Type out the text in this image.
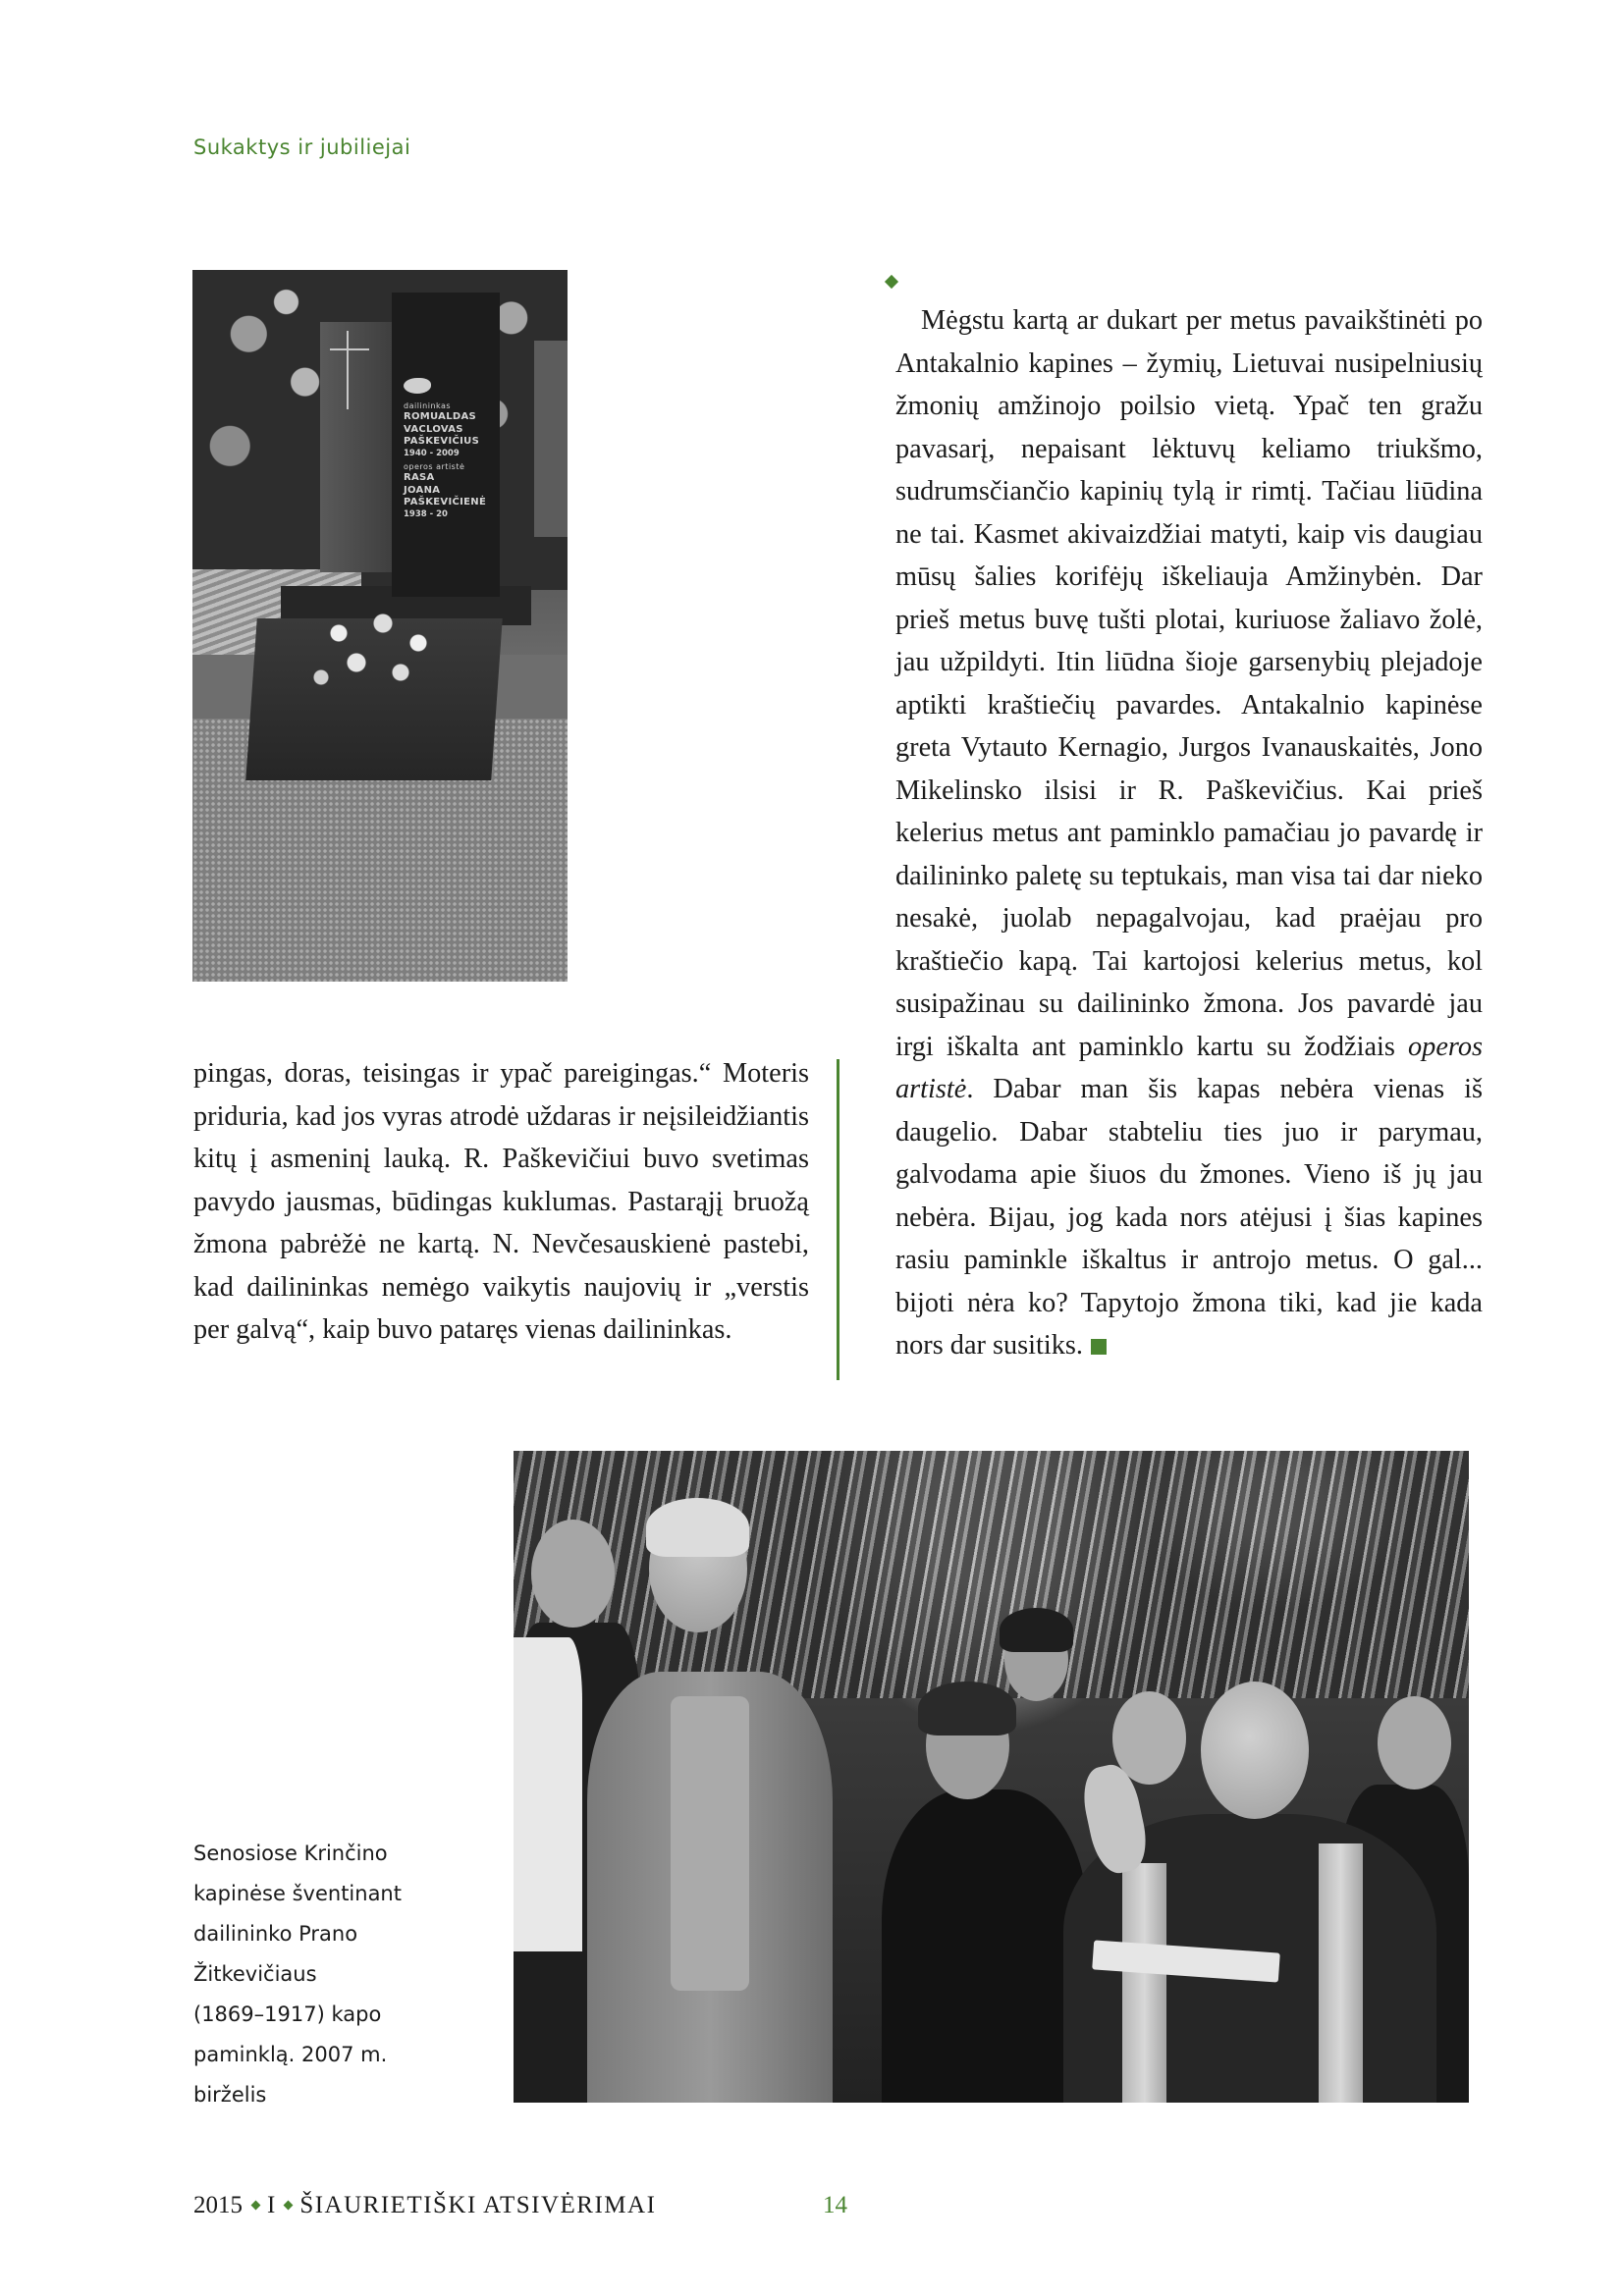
Sukaktys ir jubiliejai
dailininkas
ROMUALDAS
VACLOVAS
PAŠKEVIČIUS
1940 - 2009
operos artistė
RASA
JOANA
PAŠKEVIČIENĖ
1938 - 20

Mėgstu kartą ar dukart per metus pavaikštinėti po Antakalnio kapines – žymių, Lietuvai nusipelniusių žmonių amžinojo poilsio vietą. Ypač ten gražu pavasarį, nepaisant lėktuvų keliamo triukšmo, sudrumsčiančio kapinių tylą ir rimtį. Tačiau liūdina ne tai. Kasmet akivaizdžiai matyti, kaip vis daugiau mūsų šalies korifėjų iškeliauja Amžinybėn. Dar prieš metus buvę tušti plotai, kuriuose žaliavo žolė, jau užpildyti. Itin liūdna šioje garsenybių plejadoje aptikti kraštiečių pavardes. Antakalnio kapinėse greta Vytauto Kernagio, Jurgos Ivanauskaitės, Jono Mikelinsko ilsisi ir R. Paškevičius. Kai prieš kelerius metus ant paminklo pamačiau jo pavardę ir dailininko paletę su teptukais, man visa tai dar nieko nesakė, juolab nepagalvojau, kad praėjau pro kraštiečio kapą. Tai kartojosi kelerius metus, kol susipažinau su dailininko žmona. Jos pavardė jau irgi iškalta ant paminklo kartu su žodžiais operos artistė. Dabar man šis kapas nebėra vienas iš daugelio. Dabar stabteliu ties juo ir parymau, galvodama apie šiuos du žmones. Vieno iš jų jau nebėra. Bijau, jog kada nors atėjusi į šias kapines rasiu paminkle iškaltus ir antrojo metus. O gal... bijoti nėra ko? Tapytojo žmona tiki, kad jie kada nors dar susitiks.

pingas, doras, teisingas ir ypač pareigingas.“ Moteris priduria, kad jos vyras atrodė uždaras ir neįsileidžiantis kitų į asmeninį lauką. R. Paškevičiui buvo svetimas pavydo jausmas, būdingas kuklumas. Pastarąjį bruožą žmona pabrėžė ne kartą. N. Nevčesauskienė pastebi, kad dailininkas nemėgo vaikytis naujovių ir „verstis per galvą“, kaip buvo pataręs vienas dailininkas.

Senosiose Krinčino
kapinėse šventinant
dailininko Prano
Žitkevičiaus
(1869–1917) kapo
paminklą. 2007 m.
birželis
2015 I ŠIAURIETIŠKI ATSIVĖRIMAI	14
